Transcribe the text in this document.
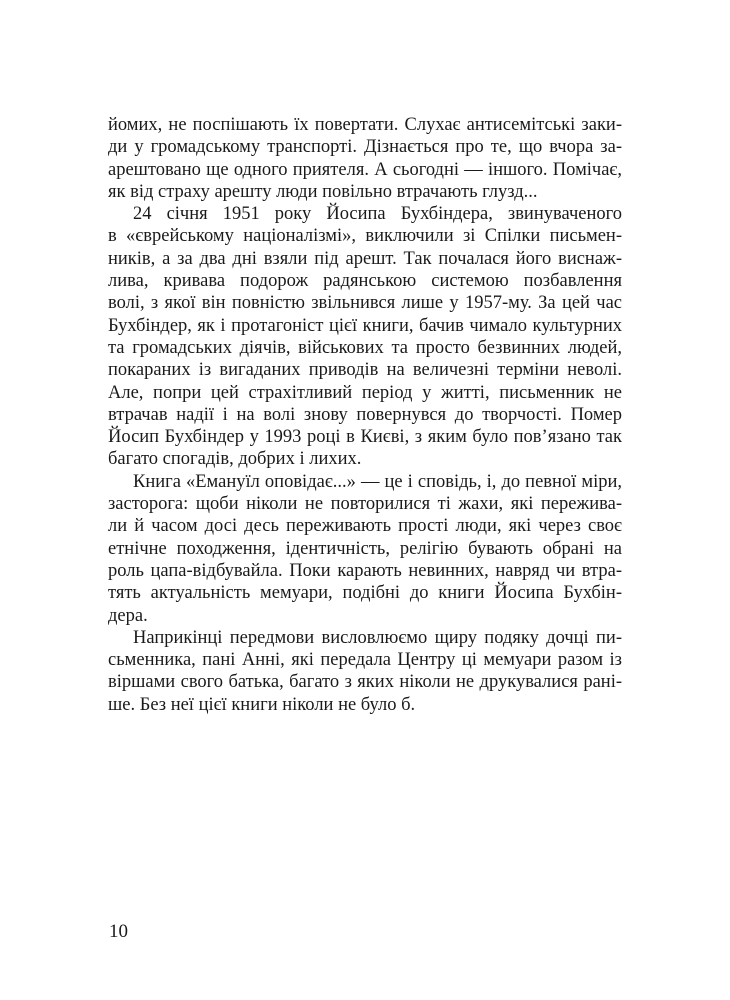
йомих, не поспішають їх повертати. Слухає антисемітські заки-
ди у громадському транспорті. Дізнається про те, що вчора за-
арештовано ще одного приятеля. А сьогодні — іншого. Помічає,
як від страху арешту люди повільно втрачають глузд...
24 січня 1951 року Йосипа Бухбіндера, звинуваченого
в «єврейському націоналізмі», виключили зі Спілки письмен-
ників, а за два дні взяли під арешт. Так почалася його виснаж-
лива, кривава подорож радянською системою позбавлення
волі, з якої він повністю звільнився лише у 1957-му. За цей час
Бухбіндер, як і протагоніст цієї книги, бачив чимало культурних
та громадських діячів, військових та просто безвинних людей,
покараних із вигаданих приводів на величезні терміни неволі.
Але, попри цей страхітливий період у житті, письменник не
втрачав надії і на волі знову повернувся до творчості. Помер
Йосип Бухбіндер у 1993 році в Києві, з яким було пов’язано так
багато спогадів, добрих і лихих.
Книга «Емануїл оповідає...» — це і сповідь, і, до певної міри,
засторога: щоби ніколи не повторилися ті жахи, які пережива-
ли й часом досі десь переживають прості люди, які через своє
етнічне походження, ідентичність, релігію бувають обрані на
роль цапа-відбувайла. Поки карають невинних, навряд чи втра-
тять актуальність мемуари, подібні до книги Йосипа Бухбін-
дера.
Наприкінці передмови висловлюємо щиру подяку дочці пи-
сьменника, пані Анні, які передала Центру ці мемуари разом із
віршами свого батька, багато з яких ніколи не друкувалися рані-
ше. Без неї цієї книги ніколи не було б.
10
